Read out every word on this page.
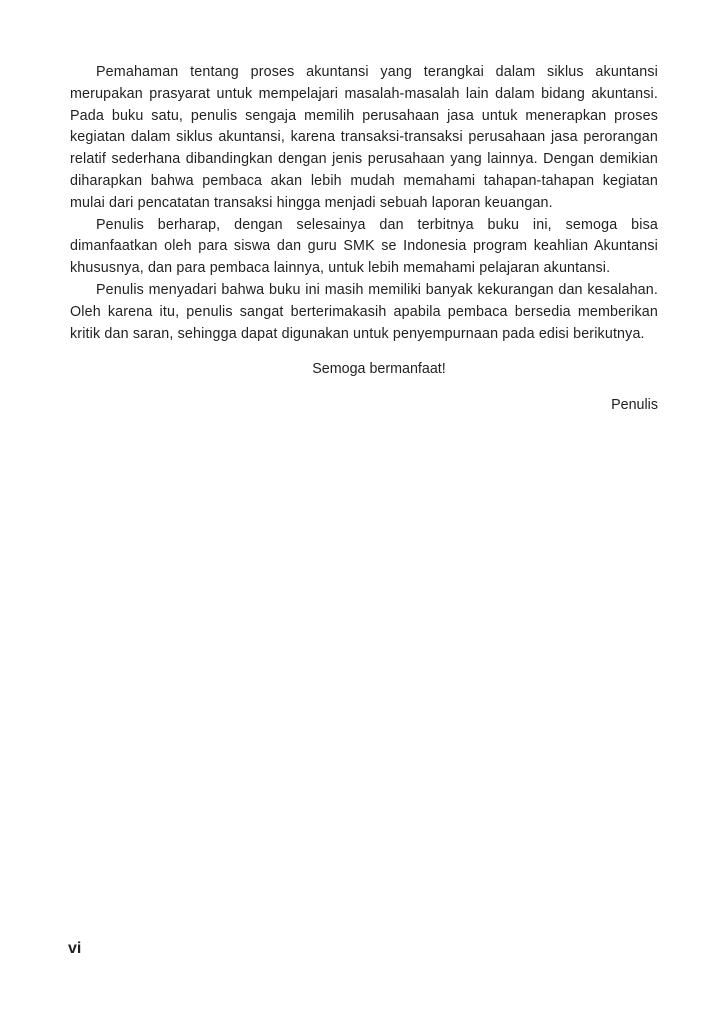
Pemahaman tentang proses akuntansi yang terangkai dalam siklus akuntansi merupakan prasyarat untuk mempelajari masalah-masalah lain dalam bidang akuntansi. Pada buku satu, penulis sengaja memilih perusahaan jasa untuk menerapkan proses kegiatan dalam siklus akuntansi, karena transaksi-transaksi perusahaan jasa perorangan relatif sederhana dibandingkan dengan jenis perusahaan yang lainnya. Dengan demikian diharapkan bahwa pembaca akan lebih mudah memahami tahapan-tahapan kegiatan mulai dari pencatatan transaksi hingga menjadi sebuah laporan keuangan.

Penulis berharap, dengan selesainya dan terbitnya buku ini, semoga bisa dimanfaatkan oleh para siswa dan guru SMK se Indonesia program keahlian Akuntansi khususnya, dan para pembaca lainnya, untuk lebih memahami pelajaran akuntansi.

Penulis menyadari bahwa buku ini masih memiliki banyak kekurangan dan kesalahan. Oleh karena itu, penulis sangat berterimakasih apabila pembaca bersedia memberikan kritik dan saran, sehingga dapat digunakan untuk penyempurnaan pada edisi berikutnya.

Semoga bermanfaat!

Penulis

vi
